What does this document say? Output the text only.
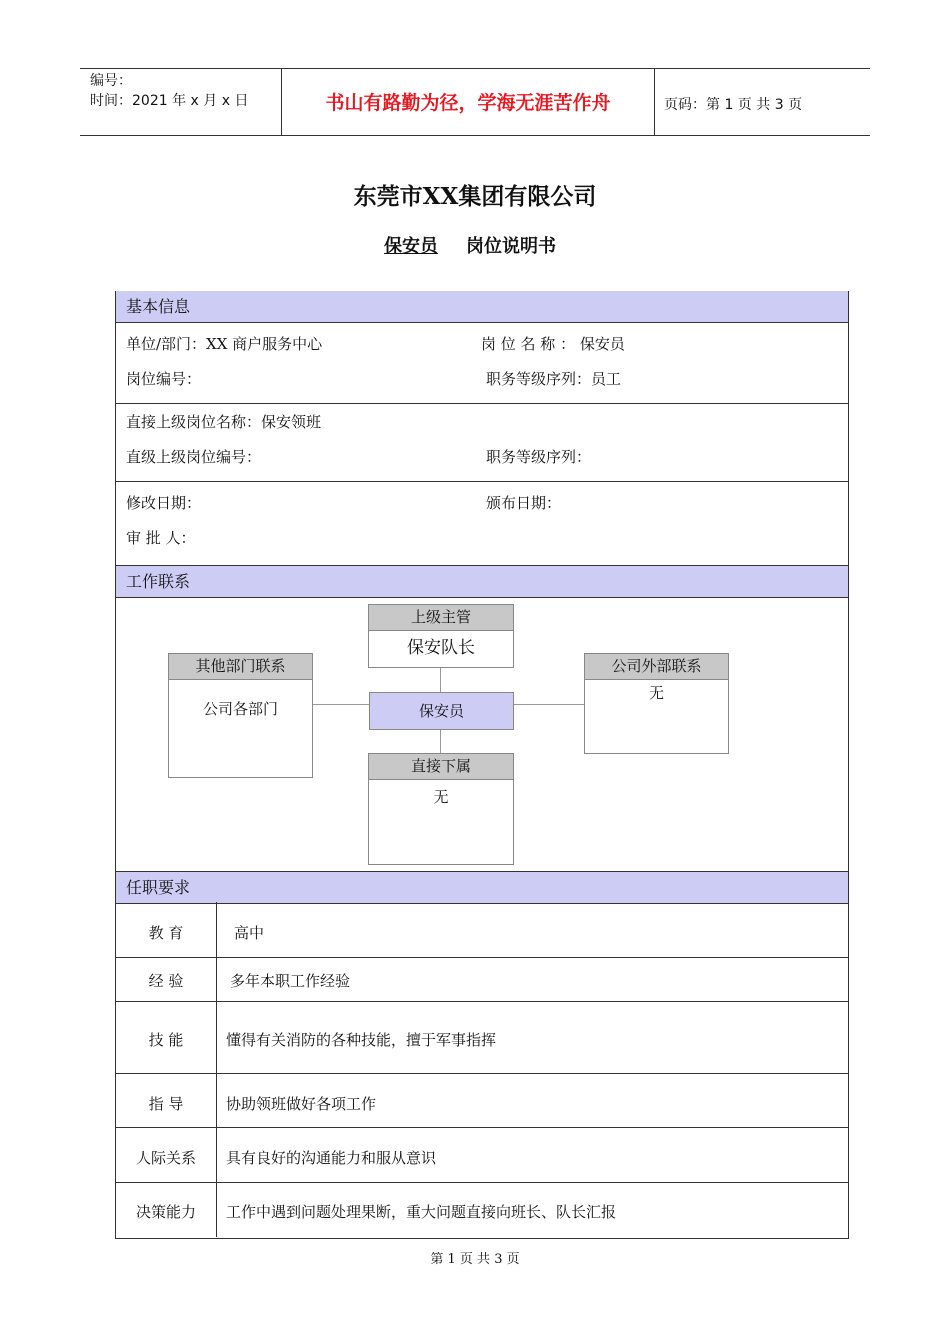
编号：
时间：2021 年 x 月 x 日	书山有路勤为径，学海无涯苦作舟	页码：第 1 页 共 3 页
东莞市XX集团有限公司
保安员 岗位说明书
基本信息
单位/部门：XX 商户服务中心	岗 位 名 称 ： 保安员
岗位编号：	职务等级序列：员工
直接上级岗位名称：保安领班
直级上级岗位编号：	职务等级序列：
修改日期：	颁布日期：
审 批 人：
工作联系
上级主管
保安队长
其他部门联系
公司各部门	保安员
公司外部联系
无
直接下属
无
任职要求
教 育	高中
经 验	多年本职工作经验
技 能	懂得有关消防的各种技能，擅于军事指挥
指 导	协助领班做好各项工作
人际关系	具有良好的沟通能力和服从意识
决策能力	工作中遇到问题处理果断，重大问题直接向班长、队长汇报
第 1 页 共 3 页
